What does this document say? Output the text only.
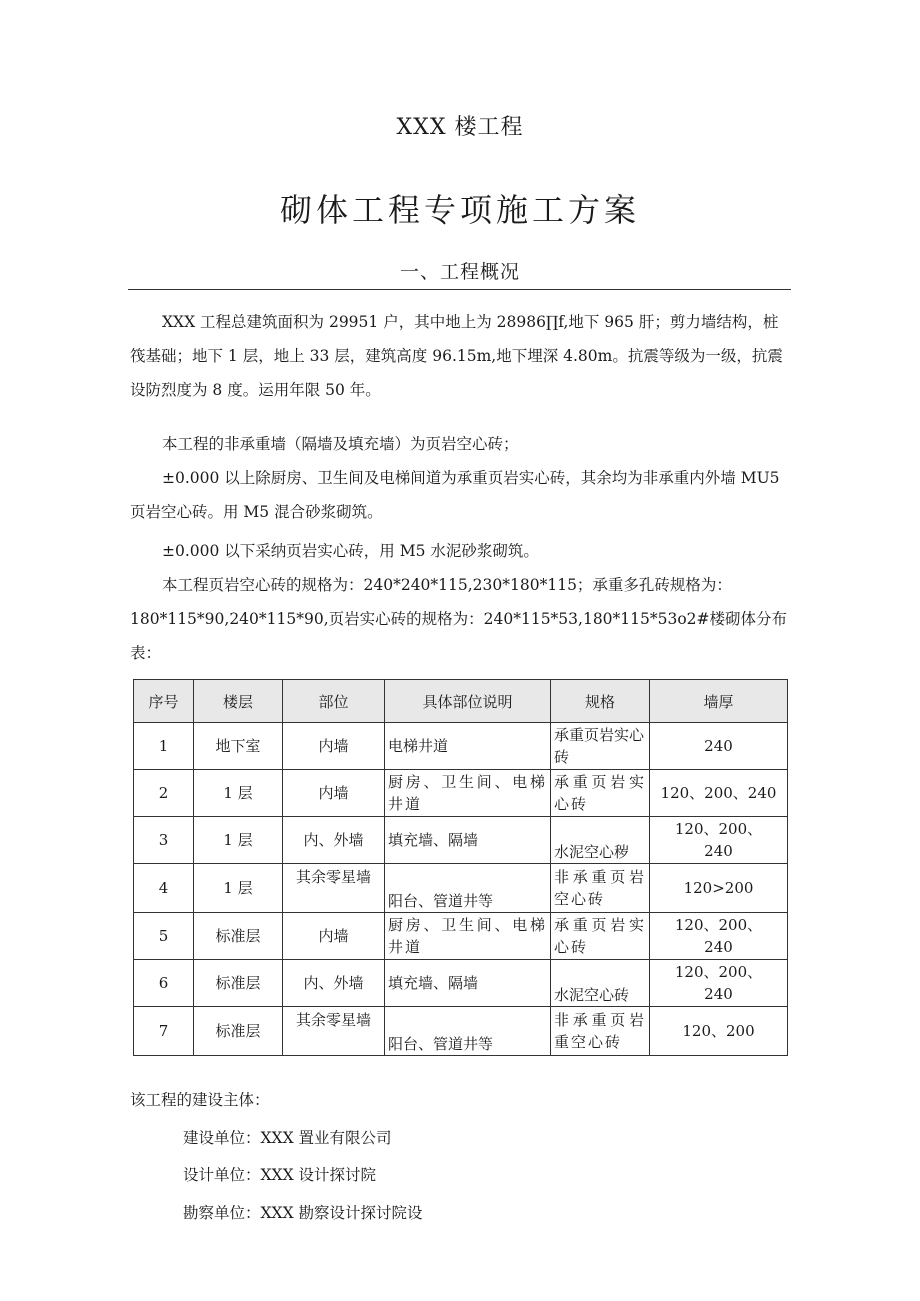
XXX 楼工程
砌体工程专项施工方案
一、工程概况

XXX 工程总建筑面积为 29951 户，其中地上为 28986∏f,地下 965 肝；剪力墙结构，桩筏基础；地下 1 层，地上 33 层，建筑高度 96.15m,地下埋深 4.80m。抗震等级为一级，抗震设防烈度为 8 度。运用年限 50 年。

本工程的非承重墙（隔墙及填充墙）为页岩空心砖；

±0.000 以上除厨房、卫生间及电梯间道为承重页岩实心砖，其余均为非承重内外墙 MU5 页岩空心砖。用 M5 混合砂浆砌筑。

±0.000 以下采纳页岩实心砖，用 M5 水泥砂浆砌筑。

本工程页岩空心砖的规格为：240*240*115,230*180*115；承重多孔砖规格为：180*115*90,240*115*90,页岩实心砖的规格为：240*115*53,180*115*53o2#楼砌体分布表：

序号	楼层	部位	具体部位说明	规格	墙厚
1	地下室	内墙	电梯井道	承重页岩实心砖	240
2	1 层	内墙	厨房、卫生间、电梯井道	承重页岩实心砖	120、200、240
3	1 层	内、外墙	填充墙、隔墙	水泥空心秽	120、200、240
4	1 层	其余零星墙	阳台、管道井等	非承重页岩空心砖	120>200
5	标准层	内墙	厨房、卫生间、电梯井道	承重页岩实心砖	120、200、240
6	标准层	内、外墙	填充墙、隔墙	水泥空心砖	120、200、240
7	标准层	其余零星墙	阳台、管道井等	非承重页岩重空心砖	120、200
该工程的建设主体：
建设单位：XXX 置业有限公司
设计单位：XXX 设计探讨院
勘察单位：XXX 勘察设计探讨院设
